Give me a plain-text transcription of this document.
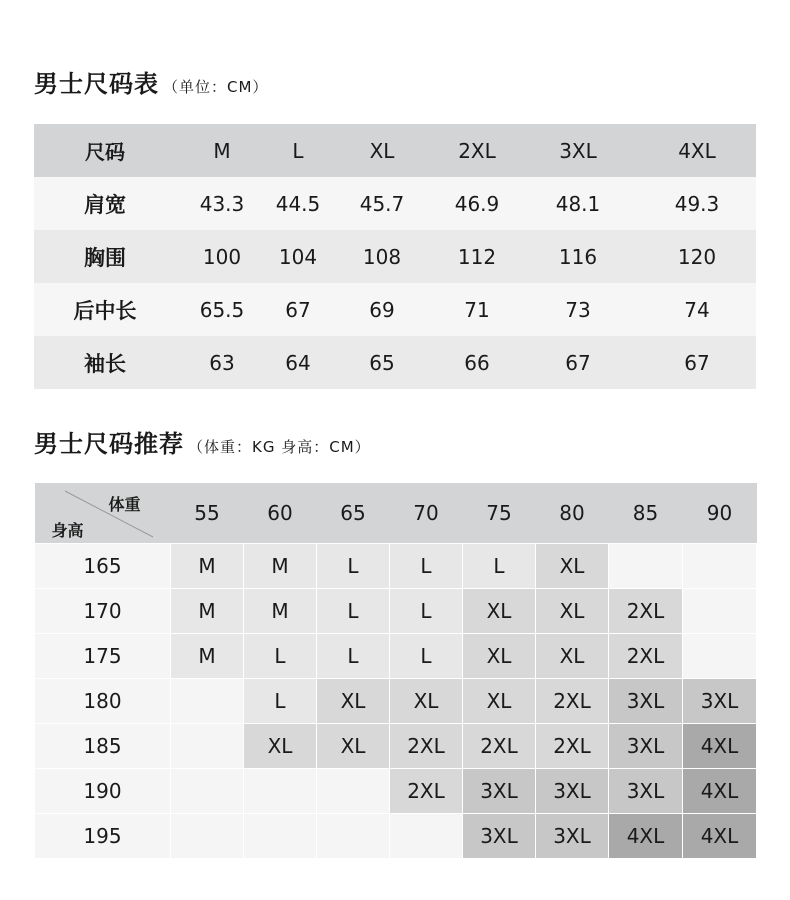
男士尺码表 （单位：CM）
尺码	M	L	XL	2XL	3XL	4XL
肩宽	43.3	44.5	45.7	46.9	48.1	49.3
胸围	100	104	108	112	116	120
后中长	65.5	67	69	71	73	74
袖长	63	64	65	66	67	67
男士尺码推荐 （体重：KG 身高：CM）
体重
身高	55	60	65	70	75	80	85	90
165	M	M	L	L	L	XL		
170	M	M	L	L	XL	XL	2XL	
175	M	L	L	L	XL	XL	2XL	
180		L	XL	XL	XL	2XL	3XL	3XL
185		XL	XL	2XL	2XL	2XL	3XL	4XL
190				2XL	3XL	3XL	3XL	4XL
195					3XL	3XL	4XL	4XL
